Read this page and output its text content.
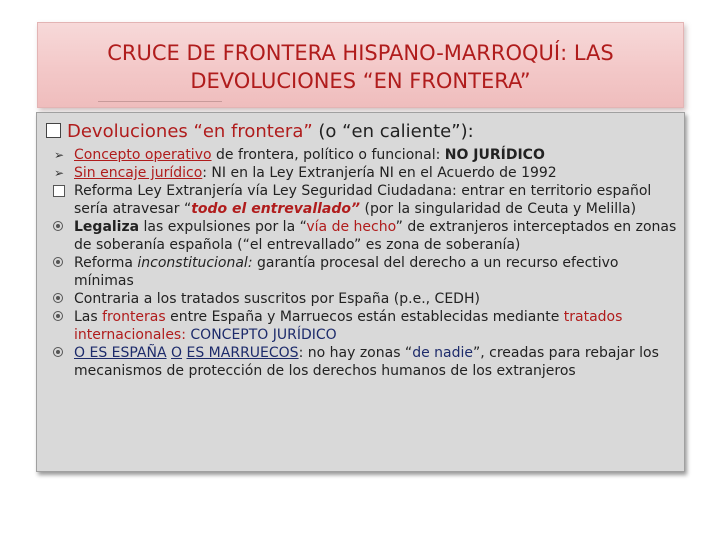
CRUCE DE FRONTERA HISPANO-MARROQUÍ: LAS
DEVOLUCIONES “EN FRONTERA”
Devoluciones “en frontera” (o “en caliente”):
➢ Concepto operativo de frontera, político o funcional: NO JURÍDICO
➢ Sin encaje jurídico: NI en la Ley Extranjería NI en el Acuerdo de 1992
Reforma Ley Extranjería vía Ley Seguridad Ciudadana: entrar en territorio español sería atravesar “todo el entrevallado” (por la singularidad de Ceuta y Melilla)
Legaliza las expulsiones por la “vía de hecho” de extranjeros interceptados en zonas de soberanía española (“el entrevallado” es zona de soberanía)
Reforma inconstitucional: garantía procesal del derecho a un recurso efectivo mínimas
Contraria a los tratados suscritos por España (p.e., CEDH)
Las fronteras entre España y Marruecos están establecidas mediante tratados internacionales: CONCEPTO JURÍDICO
O ES ESPAÑA O ES MARRUECOS: no hay zonas “de nadie”, creadas para rebajar los mecanismos de protección de los derechos humanos de los extranjeros
